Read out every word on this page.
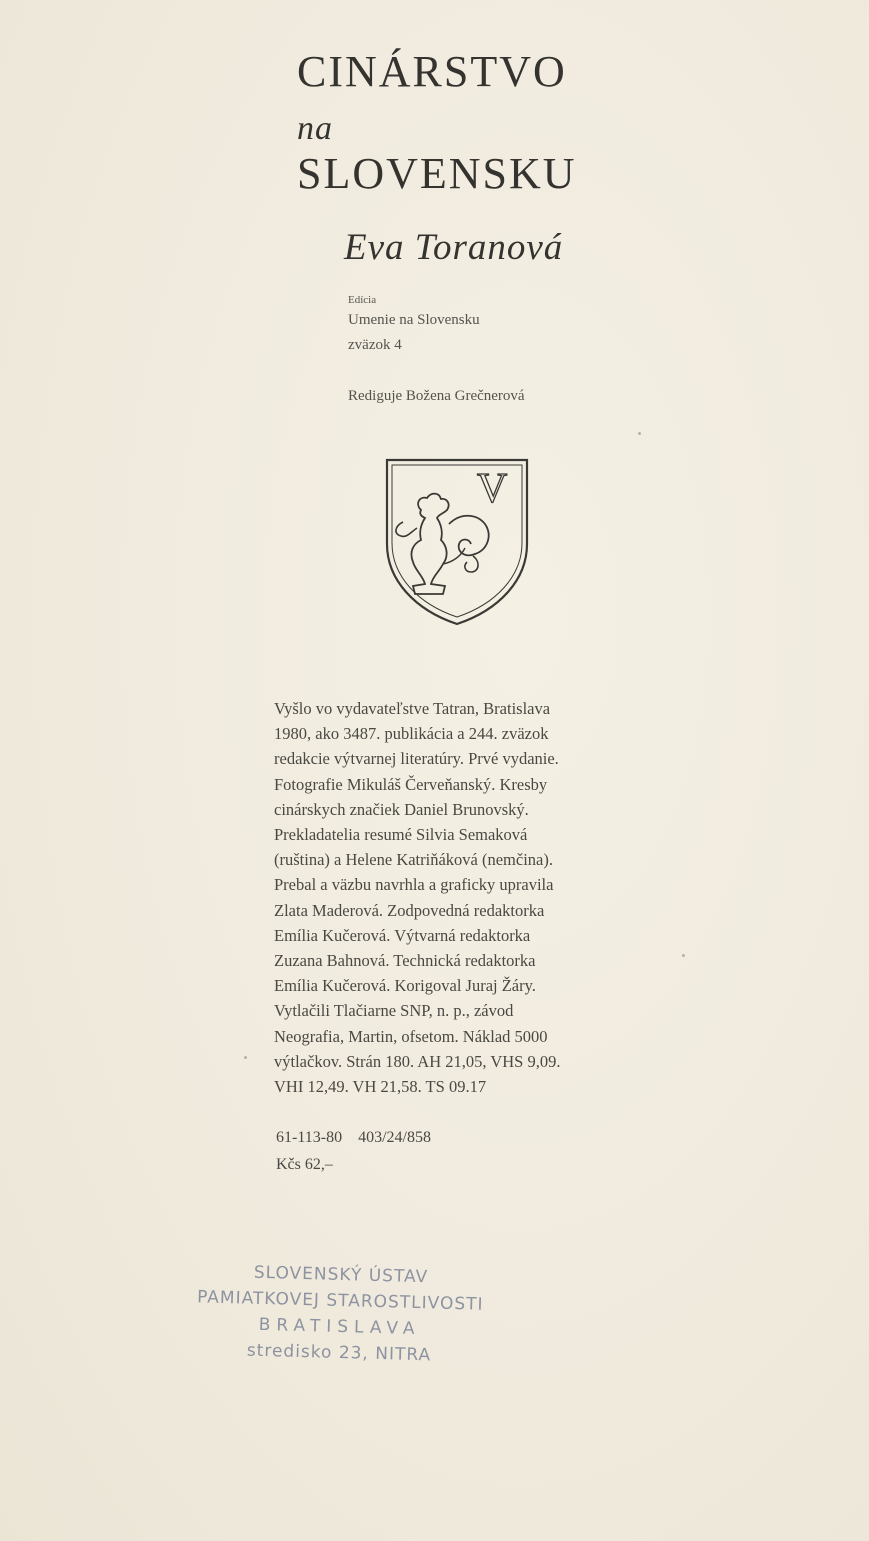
CINÁRSTVO
na
SLOVENSKU
Eva Toranová
Edícia
Umenie na Slovensku
zväzok 4
Rediguje Božena Grečnerová
V
Vyšlo vo vydavateľstve Tatran, Bratislava
1980, ako 3487. publikácia a 244. zväzok
redakcie výtvarnej literatúry. Prvé vydanie.
Fotografie Mikuláš Červeňanský. Kresby
cinárskych značiek Daniel Brunovský.
Prekladatelia resumé Silvia Semaková
(ruština) a Helene Katriňáková (nemčina).
Prebal a väzbu navrhla a graficky upravila
Zlata Maderová. Zodpovedná redaktorka
Emília Kučerová. Výtvarná redaktorka
Zuzana Bahnová. Technická redaktorka
Emília Kučerová. Korigoval Juraj Žáry.
Vytlačili Tlačiarne SNP, n. p., závod
Neografia, Martin, ofsetom. Náklad 5000
výtlačkov. Strán 180. AH 21,05, VHS 9,09.
VHI 12,49. VH 21,58. TS 09.17
61-113-80    403/24/858
Kčs 62,–
SLOVENSKÝ ÚSTAV
PAMIATKOVEJ STAROSTLIVOSTI
BRATISLAVA
stredisko 23, NITRA
